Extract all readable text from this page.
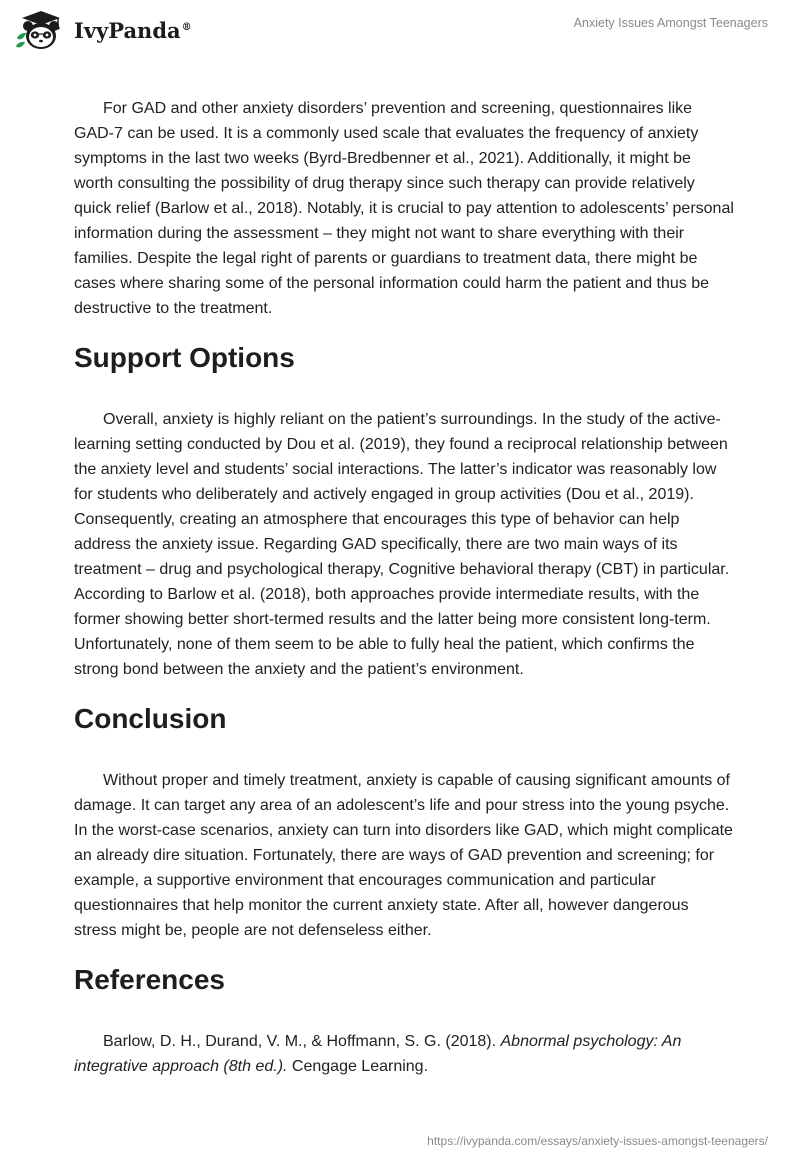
IvyPanda®	Anxiety Issues Amongst Teenagers

For GAD and other anxiety disorders’ prevention and screening, questionnaires like GAD-7 can be used. It is a commonly used scale that evaluates the frequency of anxiety symptoms in the last two weeks (Byrd-Bredbenner et al., 2021). Additionally, it might be worth consulting the possibility of drug therapy since such therapy can provide relatively quick relief (Barlow et al., 2018). Notably, it is crucial to pay attention to adolescents’ personal information during the assessment – they might not want to share everything with their families. Despite the legal right of parents or guardians to treatment data, there might be cases where sharing some of the personal information could harm the patient and thus be destructive to the treatment.

Support Options

Overall, anxiety is highly reliant on the patient’s surroundings. In the study of the active-learning setting conducted by Dou et al. (2019), they found a reciprocal relationship between the anxiety level and students’ social interactions. The latter’s indicator was reasonably low for students who deliberately and actively engaged in group activities (Dou et al., 2019). Consequently, creating an atmosphere that encourages this type of behavior can help address the anxiety issue. Regarding GAD specifically, there are two main ways of its treatment – drug and psychological therapy, Cognitive behavioral therapy (CBT) in particular. According to Barlow et al. (2018), both approaches provide intermediate results, with the former showing better short-termed results and the latter being more consistent long-term. Unfortunately, none of them seem to be able to fully heal the patient, which confirms the strong bond between the anxiety and the patient’s environment.

Conclusion

Without proper and timely treatment, anxiety is capable of causing significant amounts of damage. It can target any area of an adolescent’s life and pour stress into the young psyche. In the worst-case scenarios, anxiety can turn into disorders like GAD, which might complicate an already dire situation. Fortunately, there are ways of GAD prevention and screening; for example, a supportive environment that encourages communication and particular questionnaires that help monitor the current anxiety state. After all, however dangerous stress might be, people are not defenseless either.

References

Barlow, D. H., Durand, V. M., & Hoffmann, S. G. (2018). Abnormal psychology: An integrative approach (8th ed.). Cengage Learning.

https://ivypanda.com/essays/anxiety-issues-amongst-teenagers/
